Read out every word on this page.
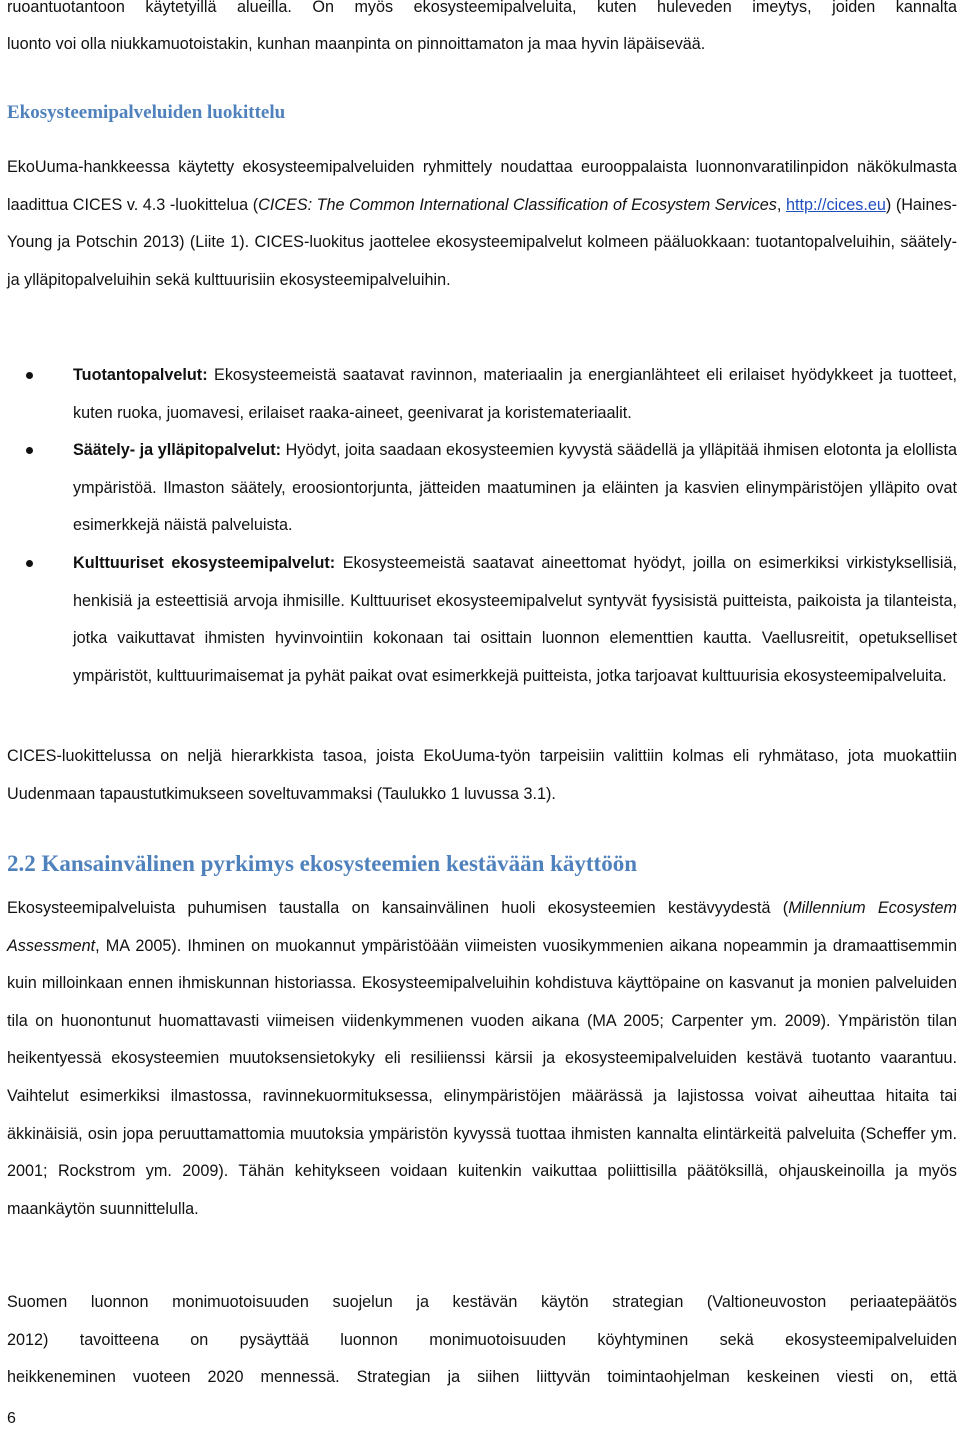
ruoantuotantoon käytetyillä alueilla. On myös ekosysteemipalveluita, kuten huleveden imeytys, joiden kannalta

luonto voi olla niukkamuotoistakin, kunhan maanpinta on pinnoittamaton ja maa hyvin läpäisevää.

Ekosysteemipalveluiden luokittelu

EkoUuma-hankkeessa käytetty ekosysteemipalveluiden ryhmittely noudattaa eurooppalaista luonnonvaratilinpidon näkökulmasta laadittua CICES v. 4.3 -luokittelua (CICES: The Common International Classification of Ecosystem Services, http://cices.eu) (Haines-Young ja Potschin 2013) (Liite 1). CICES-luokitus jaottelee ekosysteemipalvelut kolmeen pääluokkaan: tuotantopalveluihin, säätely- ja ylläpitopalveluihin sekä kulttuurisiin ekosysteemipalveluihin.

Tuotantopalvelut: Ekosysteemeistä saatavat ravinnon, materiaalin ja energianlähteet eli erilaiset hyödykkeet ja tuotteet, kuten ruoka, juomavesi, erilaiset raaka-aineet, geenivarat ja koristemateriaalit.

Säätely- ja ylläpitopalvelut: Hyödyt, joita saadaan ekosysteemien kyvystä säädellä ja ylläpitää ihmisen elotonta ja elollista ympäristöä. Ilmaston säätely, eroosiontorjunta, jätteiden maatuminen ja eläinten ja kasvien elinympäristöjen ylläpito ovat esimerkkejä näistä palveluista.

Kulttuuriset ekosysteemipalvelut: Ekosysteemeistä saatavat aineettomat hyödyt, joilla on esimerkiksi virkistyksellisiä, henkisiä ja esteettisiä arvoja ihmisille. Kulttuuriset ekosysteemipalvelut syntyvät fyysisistä puitteista, paikoista ja tilanteista, jotka vaikuttavat ihmisten hyvinvointiin kokonaan tai osittain luonnon elementtien kautta. Vaellusreitit, opetukselliset ympäristöt, kulttuurimaisemat ja pyhät paikat ovat esimerkkejä puitteista, jotka tarjoavat kulttuurisia ekosysteemipalveluita.

CICES-luokittelussa on neljä hierarkkista tasoa, joista EkoUuma-työn tarpeisiin valittiin kolmas eli ryhmätaso, jota muokattiin Uudenmaan tapaustutkimukseen soveltuvammaksi (Taulukko 1 luvussa 3.1).

2.2 Kansainvälinen pyrkimys ekosysteemien kestävään käyttöön

Ekosysteemipalveluista puhumisen taustalla on kansainvälinen huoli ekosysteemien kestävyydestä (Millennium Ecosystem Assessment, MA 2005). Ihminen on muokannut ympäristöään viimeisten vuosikymmenien aikana nopeammin ja dramaattisemmin kuin milloinkaan ennen ihmiskunnan historiassa. Ekosysteemipalveluihin kohdistuva käyttöpaine on kasvanut ja monien palveluiden tila on huonontunut huomattavasti viimeisen viidenkymmenen vuoden aikana (MA 2005; Carpenter ym. 2009). Ympäristön tilan heikentyessä ekosysteemien muutoksensietokyky eli resiliienssi kärsii ja ekosysteemipalveluiden kestävä tuotanto vaarantuu. Vaihtelut esimerkiksi ilmastossa, ravinnekuormituksessa, elinympäristöjen määrässä ja lajistossa voivat aiheuttaa hitaita tai äkkinäisiä, osin jopa peruuttamattomia muutoksia ympäristön kyvyssä tuottaa ihmisten kannalta elintärkeitä palveluita (Scheffer ym. 2001; Rockstrom ym. 2009). Tähän kehitykseen voidaan kuitenkin vaikuttaa poliittisilla päätöksillä, ohjauskeinoilla ja myös maankäytön suunnittelulla.

Suomen luonnon monimuotoisuuden suojelun ja kestävän käytön strategian (Valtioneuvoston periaatepäätös

2012) tavoitteena on pysäyttää luonnon monimuotoisuuden köyhtyminen sekä ekosysteemipalveluiden

heikkeneminen vuoteen 2020 mennessä. Strategian ja siihen liittyvän toimintaohjelman keskeinen viesti on, että

6
